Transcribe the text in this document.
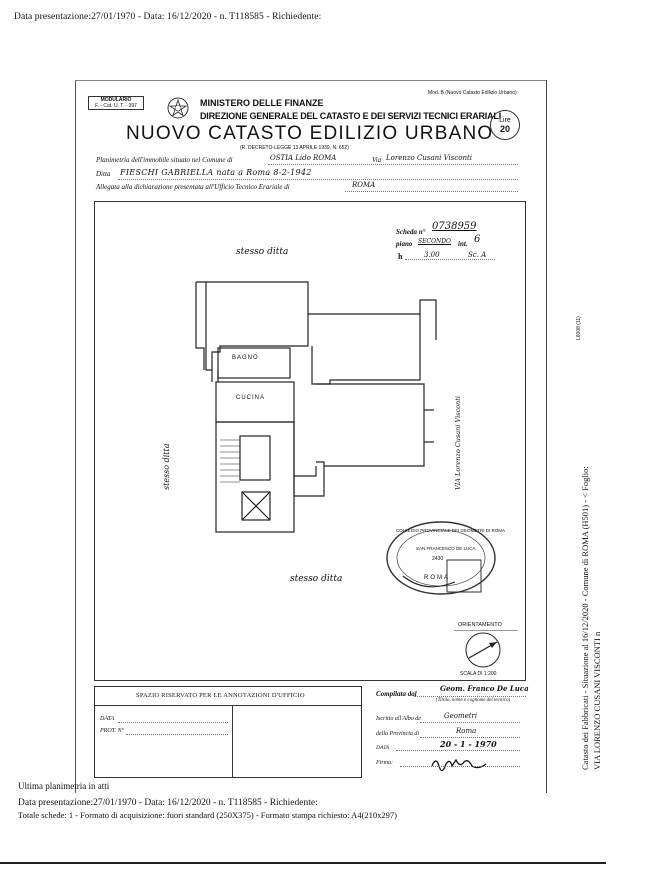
Data presentazione:27/01/1970 - Data: 16/12/2020 - n. T118585 - Richiedente:
MODULARIO
F. - Cat. U. T. - 397
Mod. B (Nuovo Catasto Edilizio Urbano)
MINISTERO DELLE FINANZE
DIREZIONE GENERALE DEL CATASTO E DEI SERVIZI TECNICI ERARIALI
NUOVO CATASTO EDILIZIO URBANO
Lire
20
(R. DECRETO-LEGGE 13 APRILE 1939, N. 652)
Planimetria dell'immobile situato nel Comune di	OSTIA Lido ROMA	Via Lorenzo Cusani Visconti
Ditta FIESCHI GABRIELLA nata a Roma 8-2-1942
Allegata alla dichiarazione presentata all'Ufficio Tecnico Erariale di	ROMA
Scheda n° 0738959
piano SECONDO int. 6
h	3.00	Sc. A
stesso ditta
stesso ditta
stesso ditta	VIA Lorenzo Cusani Visconti
BAGNO
CUCINA
COLLEGIO PROVINCIALE DEI GEOMETRI DI ROMA
SAN FRANCESCO DE LUCA
2430
ROMA
ORIENTAMENTO
SCALA DI 1:200
SPAZIO RISERVATO PER LE ANNOTAZIONI D'UFFICIO
DATA
PROT. N°
Compilata dal
Geom. Franco De Luca
(Titolo, nome e cognome del tecnico)
Iscritto all'Albo de	Geometri
della Provincia di	Roma
DATA	20 - 1 - 1970
Firma:
L6008 (11)
Catasto dei Fabbricati - Situazione al 16/12/2020 - Comune di ROMA (H501) - < Foglio: VIA LORENZO CUSANI VISCONTI n
Ultima planimetria in atti
Data presentazione:27/01/1970 - Data: 16/12/2020 - n. T118585 - Richiedente:
Totale schede: 1 - Formato di acquisizione: fuori standard (250X375) - Formato stampa richiesto: A4(210x297)
